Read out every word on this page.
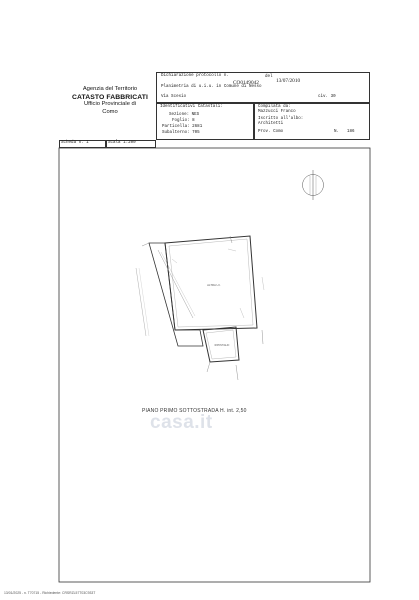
Agenzia del Territorio
CATASTO FABBRICATI
Ufficio Provinciale di
Como
Dichiarazione protocollo n.
CO0149042
del
13/07/2010
Planimetria di u.i.u. in Comune di Nesso
Via Scesio	civ. 30
Identificativi Catastali:
Sezione: NES
Foglio: 8
Particella: 2681
Subalterno: 705
Compilata da:
Mazzucci Franco
Iscritto all'albo:
Architetti
Prov. Como	N. 186
Scheda n. 1	Scala 1:200
ALTRA U.I.
RIPOSTIGLIO
PIANO PRIMO SOTTOSTRADA H. int. 2,50
casa.it
13/01/2025 - n. T70715 - Richiedente: CRSRZL57T03C933T
